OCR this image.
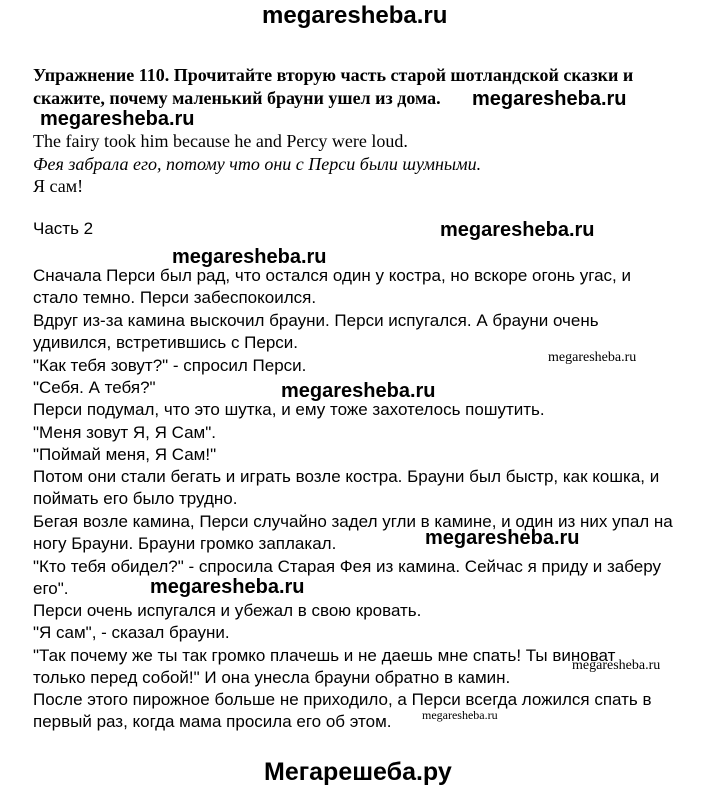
megaresheba.ru
megaresheba.ru
megaresheba.ru
megaresheba.ru
megaresheba.ru
megaresheba.ru
megaresheba.ru
megaresheba.ru
megaresheba.ru
megaresheba.ru
megaresheba.ru
Мегарешеба.ру
Упражнение 110. Прочитайте вторую часть старой шотландской сказки и
скажите, почему маленький брауни ушел из дома.
The fairy took him because he and Percy were loud.
Фея забрала его, потому что они с Перси были шумными.
Я сам!
Часть 2
Сначала Перси был рад, что остался один у костра, но вскоре огонь угас, и
стало темно. Перси забеспокоился.
Вдруг из-за камина выскочил брауни. Перси испугался. А брауни очень
удивился, встретившись с Перси.
"Как тебя зовут?" - спросил Перси.
"Себя. А тебя?"
Перси подумал, что это шутка, и ему тоже захотелось пошутить.
"Меня зовут Я, Я Сам".
"Поймай меня, Я Сам!"
Потом они стали бегать и играть возле костра. Брауни был быстр, как кошка, и
поймать его было трудно.
Бегая возле камина, Перси случайно задел угли в камине, и один из них упал на
ногу Брауни. Брауни громко заплакал.
"Кто тебя обидел?" - спросила Старая Фея из камина. Сейчас я приду и заберу
его".
Перси очень испугался и убежал в свою кровать.
"Я сам", - сказал брауни.
"Так почему же ты так громко плачешь и не даешь мне спать! Ты виноват
только перед собой!" И она унесла брауни обратно в камин.
После этого пирожное больше не приходило, а Перси всегда ложился спать в
первый раз, когда мама просила его об этом.
